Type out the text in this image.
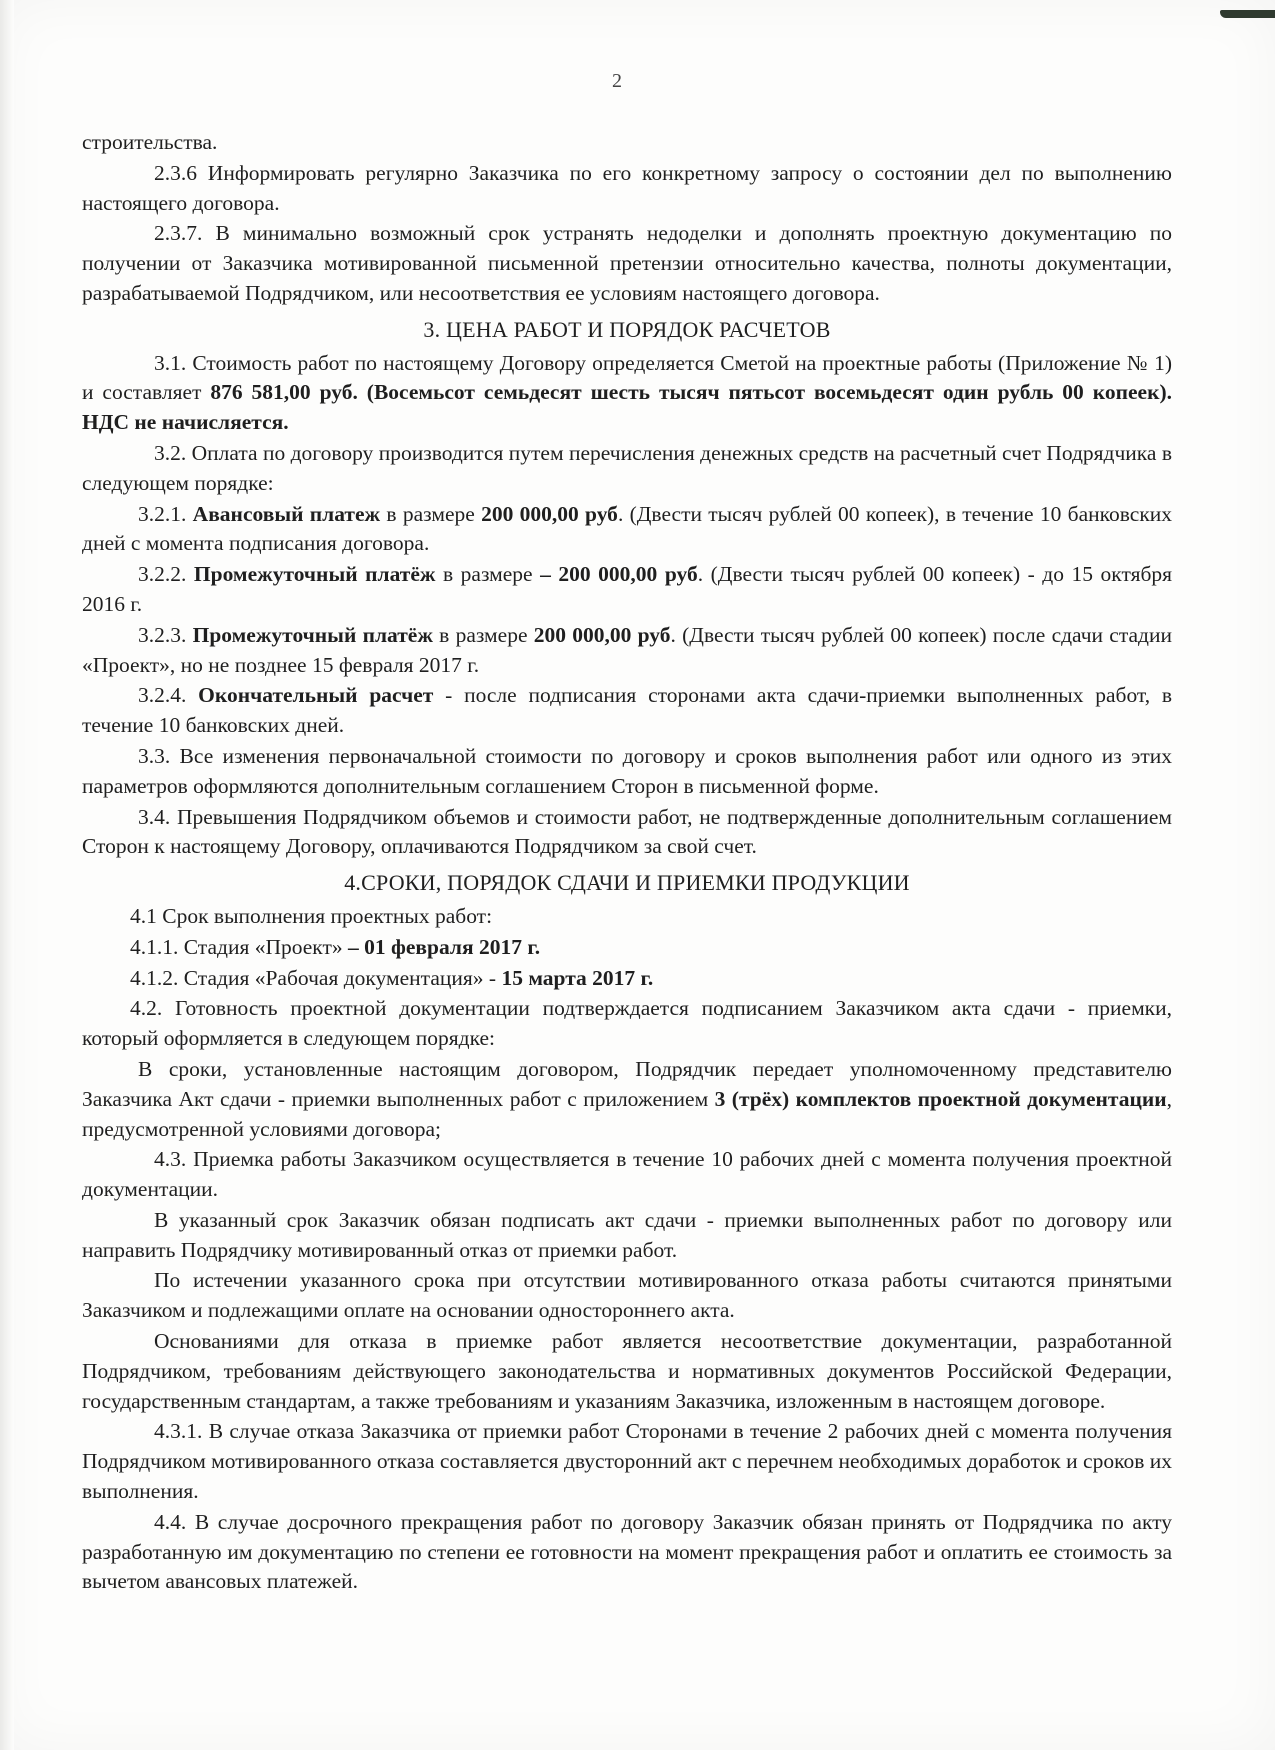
2

строительства.

2.3.6 Информировать регулярно Заказчика по его конкретному запросу о состоянии дел по выполнению настоящего договора.

2.3.7. В минимально возможный срок устранять недоделки и дополнять проектную документацию по получении от Заказчика мотивированной письменной претензии относительно качества, полноты документации, разрабатываемой Подрядчиком, или несоответствия ее условиям настоящего договора.

3. ЦЕНА РАБОТ И ПОРЯДОК РАСЧЕТОВ

3.1. Стоимость работ по настоящему Договору определяется Сметой на проектные работы (Приложение № 1) и составляет 876 581,00 руб. (Восемьсот семьдесят шесть тысяч пятьсот восемьдесят один рубль 00 копеек). НДС не начисляется.

3.2. Оплата по договору производится путем перечисления денежных средств на расчетный счет Подрядчика в следующем порядке:

3.2.1. Авансовый платеж в размере 200 000,00 руб. (Двести тысяч рублей 00 копеек), в течение 10 банковских дней с момента подписания договора.

3.2.2. Промежуточный платёж в размере – 200 000,00 руб. (Двести тысяч рублей 00 копеек) - до 15 октября 2016 г.

3.2.3. Промежуточный платёж в размере 200 000,00 руб. (Двести тысяч рублей 00 копеек) после сдачи стадии «Проект», но не позднее 15 февраля 2017 г.

3.2.4. Окончательный расчет - после подписания сторонами акта сдачи-приемки выполненных работ, в течение 10 банковских дней.

3.3. Все изменения первоначальной стоимости по договору и сроков выполнения работ или одного из этих параметров оформляются дополнительным соглашением Сторон в письменной форме.

3.4. Превышения Подрядчиком объемов и стоимости работ, не подтвержденные дополнительным соглашением Сторон к настоящему Договору, оплачиваются Подрядчиком за свой счет.

4.СРОКИ, ПОРЯДОК СДАЧИ И ПРИЕМКИ ПРОДУКЦИИ

4.1 Срок выполнения проектных работ:

4.1.1. Стадия «Проект» – 01 февраля 2017 г.

4.1.2. Стадия «Рабочая документация» - 15 марта 2017 г.

4.2. Готовность проектной документации подтверждается подписанием Заказчиком акта сдачи - приемки, который оформляется в следующем порядке:

В сроки, установленные настоящим договором, Подрядчик передает уполномоченному представителю Заказчика Акт сдачи - приемки выполненных работ с приложением 3 (трёх) комплектов проектной документации, предусмотренной условиями договора;

4.3. Приемка работы Заказчиком осуществляется в течение 10 рабочих дней с момента получения проектной документации.

В указанный срок Заказчик обязан подписать акт сдачи - приемки выполненных работ по договору или направить Подрядчику мотивированный отказ от приемки работ.

По истечении указанного срока при отсутствии мотивированного отказа работы считаются принятыми Заказчиком и подлежащими оплате на основании одностороннего акта.

Основаниями для отказа в приемке работ является несоответствие документации, разработанной Подрядчиком, требованиям действующего законодательства и нормативных документов Российской Федерации, государственным стандартам, а также требованиям и указаниям Заказчика, изложенным в настоящем договоре.

4.3.1. В случае отказа Заказчика от приемки работ Сторонами в течение 2 рабочих дней с момента получения Подрядчиком мотивированного отказа составляется двусторонний акт с перечнем необходимых доработок и сроков их выполнения.

4.4. В случае досрочного прекращения работ по договору Заказчик обязан принять от Подрядчика по акту разработанную им документацию по степени ее готовности на момент прекращения работ и оплатить ее стоимость за вычетом авансовых платежей.
